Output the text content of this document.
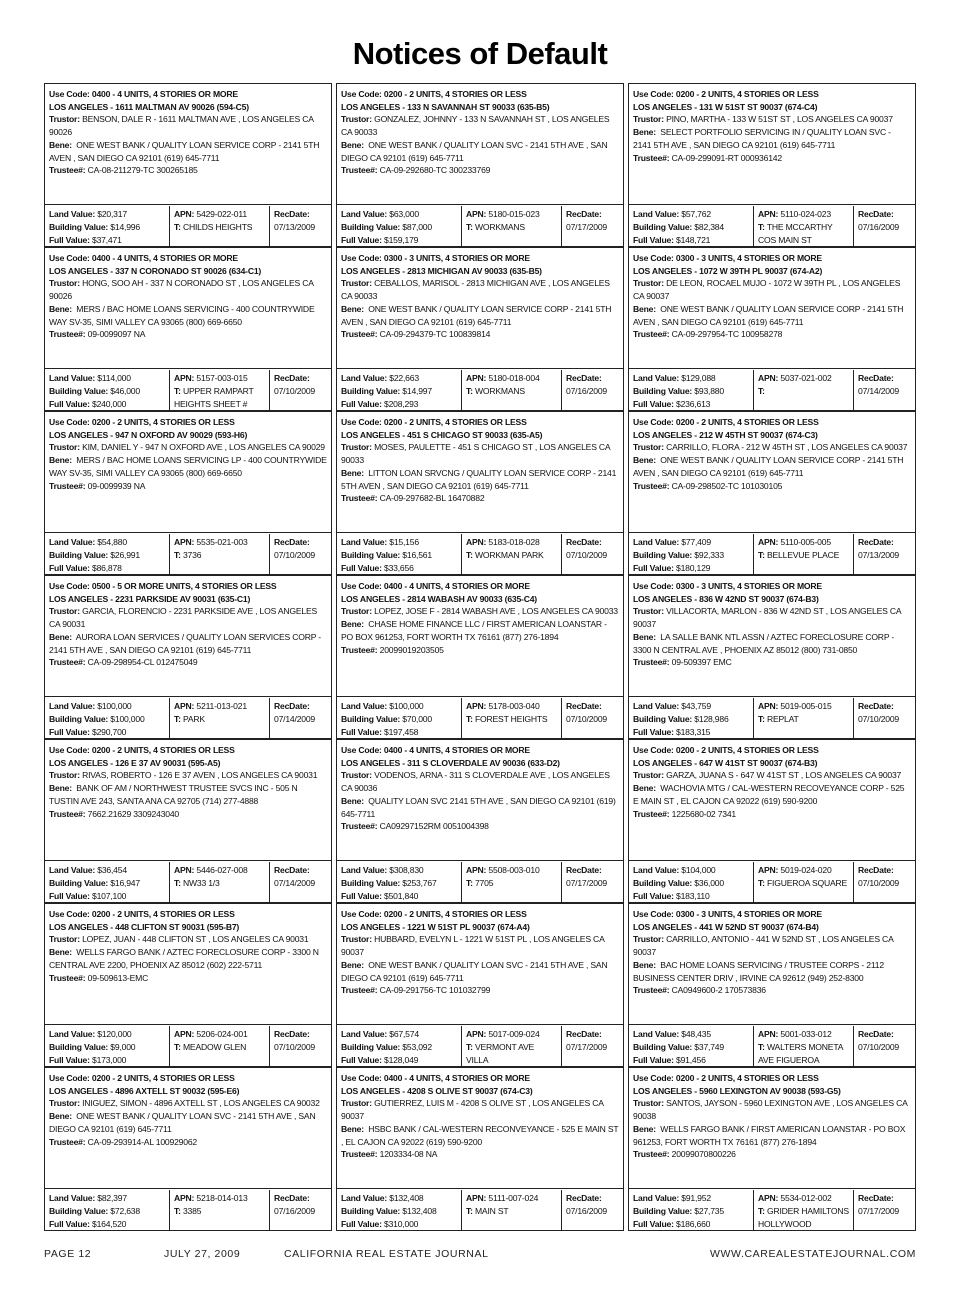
Notices of Default
Use Code: 0400 - 4 UNITS, 4 STORIES OR MORE
LOS ANGELES - 1611 MALTMAN AV 90026 (594-C5)
Trustor: BENSON, DALE R - 1611 MALTMAN AVE , LOS ANGELES CA 90026
Bene: ONE WEST BANK / QUALITY LOAN SERVICE CORP - 2141 5TH AVEN , SAN DIEGO CA 92101 (619) 645-7711
Trustee#: CA-08-211279-TC 300265185
Land Value: $20,317
Building Value: $14,996
Full Value: $37,471
APN: 5429-022-011
T: CHILDS HEIGHTS
RecDate:
07/13/2009
Use Code: 0200 - 2 UNITS, 4 STORIES OR LESS
LOS ANGELES - 133 N SAVANNAH ST 90033 (635-B5)
Trustor: GONZALEZ, JOHNNY - 133 N SAVANNAH ST , LOS ANGELES CA 90033
Bene: ONE WEST BANK / QUALITY LOAN SVC - 2141 5TH AVE , SAN DIEGO CA 92101 (619) 645-7711
Trustee#: CA-09-292680-TC 300233769
Land Value: $63,000
Building Value: $87,000
Full Value: $159,179
APN: 5180-015-023
T: WORKMANS
RecDate:
07/17/2009
Use Code: 0200 - 2 UNITS, 4 STORIES OR LESS
LOS ANGELES - 131 W 51ST ST 90037 (674-C4)
Trustor: PINO, MARTHA - 133 W 51ST ST , LOS ANGELES CA 90037
Bene: SELECT PORTFOLIO SERVICING IN / QUALITY LOAN SVC - 2141 5TH AVE , SAN DIEGO CA 92101 (619) 645-7711
Trustee#: CA-09-299091-RT 000936142
Land Value: $57,762
Building Value: $82,384
Full Value: $148,721
APN: 5110-024-023
T: THE MCCARTHY COS MAIN ST
RecDate:
07/16/2009
Use Code: 0400 - 4 UNITS, 4 STORIES OR MORE
LOS ANGELES - 337 N CORONADO ST 90026 (634-C1)
Trustor: HONG, SOO AH - 337 N CORONADO ST , LOS ANGELES CA 90026
Bene: MERS / BAC HOME LOANS SERVICING - 400 COUNTRYWIDE WAY SV-35, SIMI VALLEY CA 93065 (800) 669-6650
Trustee#: 09-0099097 NA
Land Value: $114,000
Building Value: $46,000
Full Value: $240,000
APN: 5157-003-015
T: UPPER RAMPART HEIGHTS SHEET #
RecDate:
07/10/2009
Use Code: 0300 - 3 UNITS, 4 STORIES OR MORE
LOS ANGELES - 2813 MICHIGAN AV 90033 (635-B5)
Trustor: CEBALLOS, MARISOL - 2813 MICHIGAN AVE , LOS ANGELES CA 90033
Bene: ONE WEST BANK / QUALITY LOAN SERVICE CORP - 2141 5TH AVEN , SAN DIEGO CA 92101 (619) 645-7711
Trustee#: CA-09-294379-TC 100839814
Land Value: $22,663
Building Value: $14,997
Full Value: $208,293
APN: 5180-018-004
T: WORKMANS
RecDate:
07/16/2009
Use Code: 0300 - 3 UNITS, 4 STORIES OR MORE
LOS ANGELES - 1072 W 39TH PL 90037 (674-A2)
Trustor: DE LEON, ROCAEL MUJO - 1072 W 39TH PL , LOS ANGELES CA 90037
Bene: ONE WEST BANK / QUALITY LOAN SERVICE CORP - 2141 5TH AVEN , SAN DIEGO CA 92101 (619) 645-7711
Trustee#: CA-09-297954-TC 100958278
Land Value: $129,088
Building Value: $93,880
Full Value: $236,613
APN: 5037-021-002
T:
RecDate:
07/14/2009
Use Code: 0200 - 2 UNITS, 4 STORIES OR LESS
LOS ANGELES - 947 N OXFORD AV 90029 (593-H6)
Trustor: KIM, DANIEL Y - 947 N OXFORD AVE , LOS ANGELES CA 90029
Bene: MERS / BAC HOME LOANS SERVICING LP - 400 COUNTRYWIDE WAY SV-35, SIMI VALLEY CA 93065 (800) 669-6650
Trustee#: 09-0099939 NA
Land Value: $54,880
Building Value: $26,991
Full Value: $86,878
APN: 5535-021-003
T: 3736
RecDate:
07/10/2009
Use Code: 0200 - 2 UNITS, 4 STORIES OR LESS
LOS ANGELES - 451 S CHICAGO ST 90033 (635-A5)
Trustor: MOSES, PAULETTE - 451 S CHICAGO ST , LOS ANGELES CA 90033
Bene: LITTON LOAN SRVCNG / QUALITY LOAN SERVICE CORP - 2141 5TH AVEN , SAN DIEGO CA 92101 (619) 645-7711
Trustee#: CA-09-297682-BL 16470882
Land Value: $15,156
Building Value: $16,561
Full Value: $33,656
APN: 5183-018-028
T: WORKMAN PARK
RecDate:
07/10/2009
Use Code: 0200 - 2 UNITS, 4 STORIES OR LESS
LOS ANGELES - 212 W 45TH ST 90037 (674-C3)
Trustor: CARRILLO, FLORA - 212 W 45TH ST , LOS ANGELES CA 90037
Bene: ONE WEST BANK / QUALITY LOAN SERVICE CORP - 2141 5TH AVEN , SAN DIEGO CA 92101 (619) 645-7711
Trustee#: CA-09-298502-TC 101030105
Land Value: $77,409
Building Value: $92,333
Full Value: $180,129
APN: 5110-005-005
T: BELLEVUE PLACE
RecDate:
07/13/2009
Use Code: 0500 - 5 OR MORE UNITS, 4 STORIES OR LESS
LOS ANGELES - 2231 PARKSIDE AV 90031 (635-C1)
Trustor: GARCIA, FLORENCIO - 2231 PARKSIDE AVE , LOS ANGELES CA 90031
Bene: AURORA LOAN SERVICES / QUALITY LOAN SERVICES CORP - 2141 5TH AVE , SAN DIEGO CA 92101 (619) 645-7711
Trustee#: CA-09-298954-CL 012475049
Land Value: $100,000
Building Value: $100,000
Full Value: $290,700
APN: 5211-013-021
T: PARK
RecDate:
07/14/2009
Use Code: 0400 - 4 UNITS, 4 STORIES OR MORE
LOS ANGELES - 2814 WABASH AV 90033 (635-C4)
Trustor: LOPEZ, JOSE F - 2814 WABASH AVE , LOS ANGELES CA 90033
Bene: CHASE HOME FINANCE LLC / FIRST AMERICAN LOANSTAR - PO BOX 961253, FORT WORTH TX 76161 (877) 276-1894
Trustee#: 20099019203505
Land Value: $100,000
Building Value: $70,000
Full Value: $197,458
APN: 5178-003-040
T: FOREST HEIGHTS
RecDate:
07/10/2009
Use Code: 0300 - 3 UNITS, 4 STORIES OR MORE
LOS ANGELES - 836 W 42ND ST 90037 (674-B3)
Trustor: VILLACORTA, MARLON - 836 W 42ND ST , LOS ANGELES CA 90037
Bene: LA SALLE BANK NTL ASSN / AZTEC FORECLOSURE CORP - 3300 N CENTRAL AVE , PHOENIX AZ 85012 (800) 731-0850
Trustee#: 09-509397 EMC
Land Value: $43,759
Building Value: $128,986
Full Value: $183,315
APN: 5019-005-015
T: REPLAT
RecDate:
07/10/2009
Use Code: 0200 - 2 UNITS, 4 STORIES OR LESS
LOS ANGELES - 126 E 37 AV 90031 (595-A5)
Trustor: RIVAS, ROBERTO - 126 E 37 AVEN , LOS ANGELES CA 90031
Bene: BANK OF AM / NORTHWEST TRUSTEE SVCS INC - 505 N TUSTIN AVE 243, SANTA ANA CA 92705 (714) 277-4888
Trustee#: 7662.21629 3309243040
Land Value: $36,454
Building Value: $16,947
Full Value: $107,100
APN: 5446-027-008
T: NW33 1/3
RecDate:
07/14/2009
Use Code: 0400 - 4 UNITS, 4 STORIES OR MORE
LOS ANGELES - 311 S CLOVERDALE AV 90036 (633-D2)
Trustor: VODENOS, ARNA - 311 S CLOVERDALE AVE , LOS ANGELES CA 90036
Bene: QUALITY LOAN SVC 2141 5TH AVE , SAN DIEGO CA 92101 (619) 645-7711
Trustee#: CA09297152RM 0051004398
Land Value: $308,830
Building Value: $253,767
Full Value: $501,840
APN: 5508-003-010
T: 7705
RecDate:
07/17/2009
Use Code: 0200 - 2 UNITS, 4 STORIES OR LESS
LOS ANGELES - 647 W 41ST ST 90037 (674-B3)
Trustor: GARZA, JUANA S - 647 W 41ST ST , LOS ANGELES CA 90037
Bene: WACHOVIA MTG / CAL-WESTERN RECOVEYANCE CORP - 525 E MAIN ST , EL CAJON CA 92022 (619) 590-9200
Trustee#: 1225680-02 7341
Land Value: $104,000
Building Value: $36,000
Full Value: $183,110
APN: 5019-024-020
T: FIGUEROA SQUARE
RecDate:
07/10/2009
Use Code: 0200 - 2 UNITS, 4 STORIES OR LESS
LOS ANGELES - 448 CLIFTON ST 90031 (595-B7)
Trustor: LOPEZ, JUAN - 448 CLIFTON ST , LOS ANGELES CA 90031
Bene: WELLS FARGO BANK / AZTEC FORECLOSURE CORP - 3300 N CENTRAL AVE 2200, PHOENIX AZ 85012 (602) 222-5711
Trustee#: 09-509613-EMC
Land Value: $120,000
Building Value: $9,000
Full Value: $173,000
APN: 5206-024-001
T: MEADOW GLEN
RecDate:
07/10/2009
Use Code: 0200 - 2 UNITS, 4 STORIES OR LESS
LOS ANGELES - 1221 W 51ST PL 90037 (674-A4)
Trustor: HUBBARD, EVELYN L - 1221 W 51ST PL , LOS ANGELES CA 90037
Bene: ONE WEST BANK / QUALITY LOAN SVC - 2141 5TH AVE , SAN DIEGO CA 92101 (619) 645-7711
Trustee#: CA-09-291756-TC 101032799
Land Value: $67,574
Building Value: $53,092
Full Value: $128,049
APN: 5017-009-024
T: VERMONT AVE VILLA
RecDate:
07/17/2009
Use Code: 0300 - 3 UNITS, 4 STORIES OR MORE
LOS ANGELES - 441 W 52ND ST 90037 (674-B4)
Trustor: CARRILLO, ANTONIO - 441 W 52ND ST , LOS ANGELES CA 90037
Bene: BAC HOME LOANS SERVICING / TRUSTEE CORPS - 2112 BUSINESS CENTER DRIV , IRVINE CA 92612 (949) 252-8300
Trustee#: CA0949600-2 170573836
Land Value: $48,435
Building Value: $37,749
Full Value: $91,456
APN: 5001-033-012
T: WALTERS MONETA AVE FIGUEROA
RecDate:
07/10/2009
Use Code: 0200 - 2 UNITS, 4 STORIES OR LESS
LOS ANGELES - 4896 AXTELL ST 90032 (595-E6)
Trustor: INIGUEZ, SIMON - 4896 AXTELL ST , LOS ANGELES CA 90032
Bene: ONE WEST BANK / QUALITY LOAN SVC - 2141 5TH AVE , SAN DIEGO CA 92101 (619) 645-7711
Trustee#: CA-09-293914-AL 100929062
Land Value: $82,397
Building Value: $72,638
Full Value: $164,520
APN: 5218-014-013
T: 3385
RecDate:
07/16/2009
Use Code: 0400 - 4 UNITS, 4 STORIES OR MORE
LOS ANGELES - 4208 S OLIVE ST 90037 (674-C3)
Trustor: GUTIERREZ, LUIS M - 4208 S OLIVE ST , LOS ANGELES CA 90037
Bene: HSBC BANK / CAL-WESTERN RECONVEYANCE - 525 E MAIN ST , EL CAJON CA 92022 (619) 590-9200
Trustee#: 1203334-08 NA
Land Value: $132,408
Building Value: $132,408
Full Value: $310,000
APN: 5111-007-024
T: MAIN ST
RecDate:
07/16/2009
Use Code: 0200 - 2 UNITS, 4 STORIES OR LESS
LOS ANGELES - 5960 LEXINGTON AV 90038 (593-G5)
Trustor: SANTOS, JAYSON - 5960 LEXINGTON AVE , LOS ANGELES CA 90038
Bene: WELLS FARGO BANK / FIRST AMERICAN LOANSTAR - PO BOX 961253, FORT WORTH TX 76161 (877) 276-1894
Trustee#: 20099070800226
Land Value: $91,952
Building Value: $27,735
Full Value: $186,660
APN: 5534-012-002
T: GRIDER HAMILTONS HOLLYWOOD
RecDate:
07/17/2009
PAGE 12	JULY 27, 2009	CALIFORNIA REAL ESTATE JOURNAL	WWW.CAREALESTATEJOURNAL.COM
